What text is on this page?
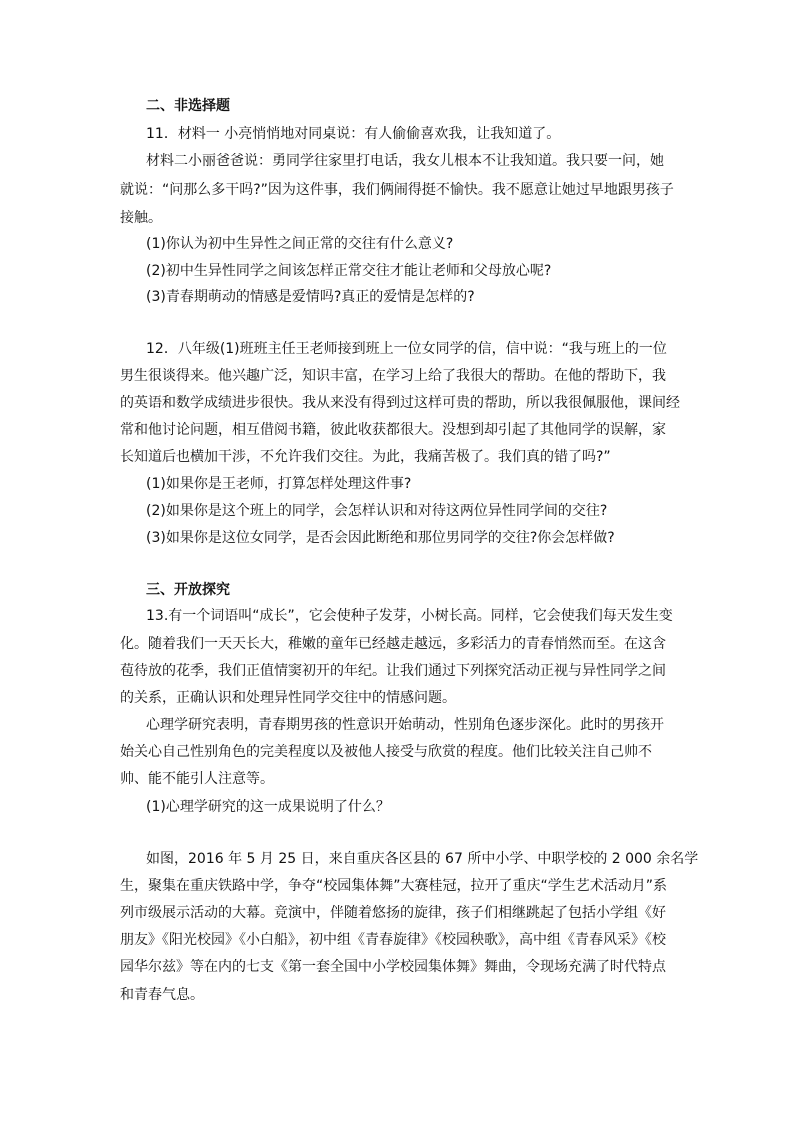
二、非选择题

11．材料一 小亮悄悄地对同桌说：有人偷偷喜欢我，让我知道了。

材料二小丽爸爸说：勇同学往家里打电话，我女儿根本不让我知道。我只要一问，她

就说：“问那么多干吗?”因为这件事，我们俩闹得挺不愉快。我不愿意让她过早地跟男孩子

接触。

(1)你认为初中生异性之间正常的交往有什么意义?

(2)初中生异性同学之间该怎样正常交往才能让老师和父母放心呢?

(3)青春期萌动的情感是爱情吗?真正的爱情是怎样的?

12．八年级(1)班班主任王老师接到班上一位女同学的信，信中说：“我与班上的一位

男生很谈得来。他兴趣广泛，知识丰富，在学习上给了我很大的帮助。在他的帮助下，我

的英语和数学成绩进步很快。我从来没有得到过这样可贵的帮助，所以我很佩服他，课间经

常和他讨论问题，相互借阅书籍，彼此收获都很大。没想到却引起了其他同学的误解，家

长知道后也横加干涉，不允许我们交往。为此，我痛苦极了。我们真的错了吗?”

(1)如果你是王老师，打算怎样处理这件事?

(2)如果你是这个班上的同学，会怎样认识和对待这两位异性同学间的交往?

(3)如果你是这位女同学，是否会因此断绝和那位男同学的交往?你会怎样做?

三、开放探究

13.有一个词语叫“成长”，它会使种子发芽，小树长高。同样，它会使我们每天发生变

化。随着我们一天天长大，稚嫩的童年已经越走越远，多彩活力的青春悄然而至。在这含

苞待放的花季，我们正值情窦初开的年纪。让我们通过下列探究活动正视与异性同学之间

的关系，正确认识和处理异性同学交往中的情感问题。

心理学研究表明，青春期男孩的性意识开始萌动，性别角色逐步深化。此时的男孩开

始关心自己性别角色的完美程度以及被他人接受与欣赏的程度。他们比较关注自己帅不

帅、能不能引人注意等。

(1)心理学研究的这一成果说明了什么？

如图，2016 年 5 月 25 日，来自重庆各区县的 67 所中小学、中职学校的 2 000 余名学

生，聚集在重庆铁路中学，争夺“校园集体舞”大赛桂冠，拉开了重庆“学生艺术活动月”系

列市级展示活动的大幕。竞演中，伴随着悠扬的旋律，孩子们相继跳起了包括小学组《好

朋友》《阳光校园》《小白船》，初中组《青春旋律》《校园秧歌》，高中组《青春风采》《校

园华尔兹》等在内的七支《第一套全国中小学校园集体舞》舞曲，令现场充满了时代特点

和青春气息。
